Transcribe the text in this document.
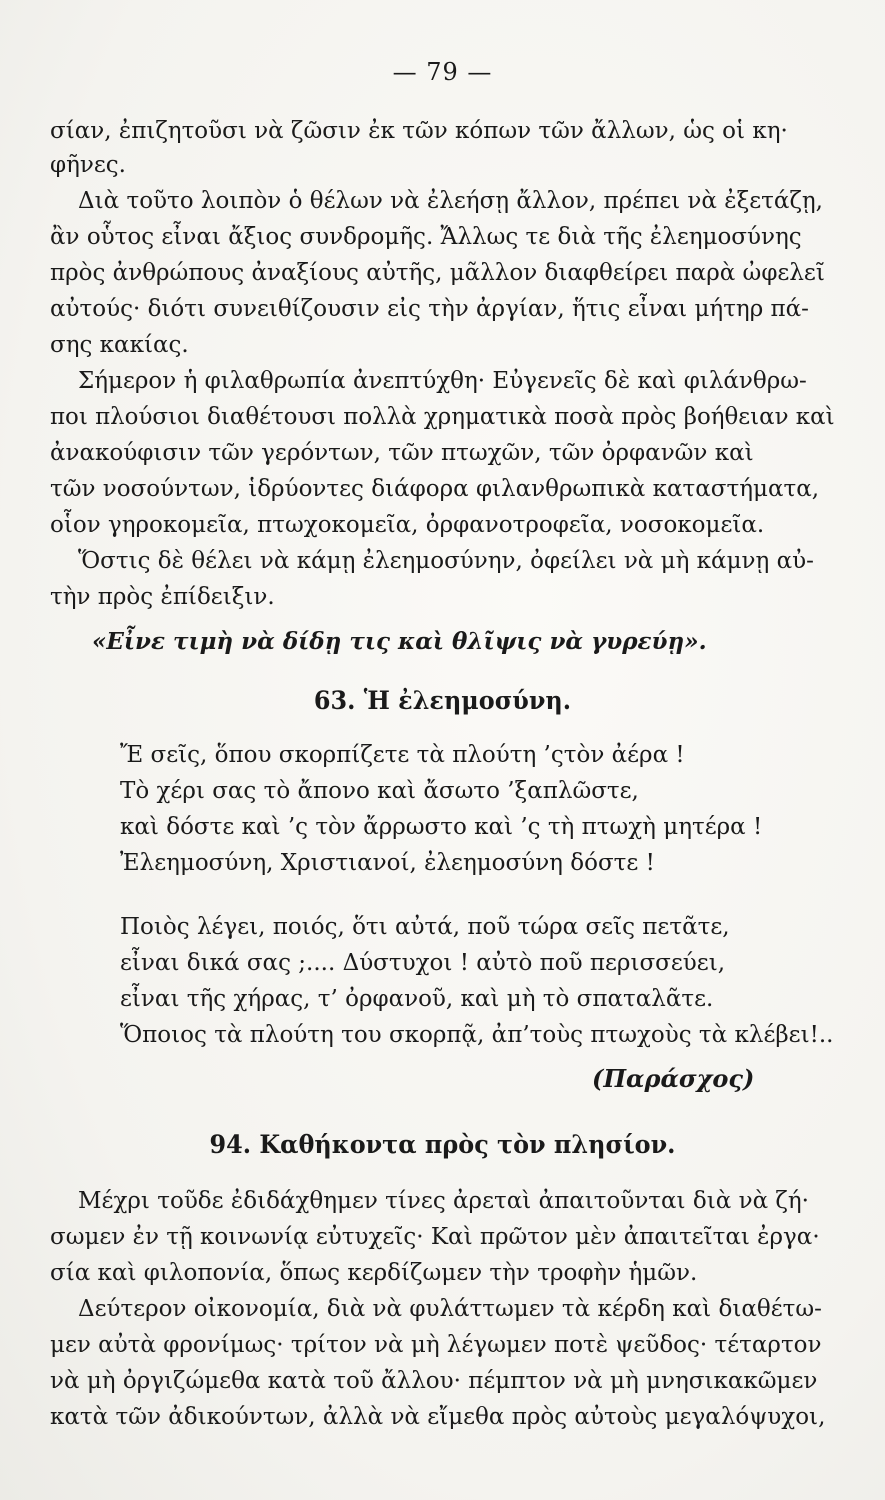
— 79 —
σίαν, ἐπιζητοῦσι νὰ ζῶσιν ἐκ τῶν κόπων τῶν ἄλλων, ὡς οἱ κη·
φῆνες.
Διὰ τοῦτο λοιπὸν ὁ θέλων νὰ ἐλεήσῃ ἄλλον, πρέπει νὰ ἐξετάζῃ,
ἂν οὗτος εἶναι ἄξιος συνδρομῆς. Ἄλλως τε διὰ τῆς ἐλεημοσύνης
πρὸς ἀνθρώπους ἀναξίους αὐτῆς, μᾶλλον διαφθείρει παρὰ ὠφελεῖ
αὐτούς· διότι συνειθίζουσιν εἰς τὴν ἀργίαν, ἥτις εἶναι μήτηρ πά-
σης κακίας.
Σήμερον ἡ φιλαθρωπία ἀνεπτύχθη· Εὐγενεῖς δὲ καὶ φιλάνθρω-
ποι πλούσιοι διαθέτουσι πολλὰ χρηματικὰ ποσὰ πρὸς βοήθειαν καὶ
ἀνακούφισιν τῶν γερόντων, τῶν πτωχῶν, τῶν ὀρφανῶν καὶ
τῶν νοσούντων, ἱδρύοντες διάφορα φιλανθρωπικὰ καταστήματα,
οἷον γηροκομεῖα, πτωχοκομεῖα, ὀρφανοτροφεῖα, νοσοκομεῖα.
Ὅστις δὲ θέλει νὰ κάμῃ ἐλεημοσύνην, ὀφείλει νὰ μὴ κάμνῃ αὐ-
τὴν πρὸς ἐπίδειξιν.
«Εἶνε τιμὴ νὰ δίδῃ τις καὶ θλῖψις νὰ γυρεύῃ».
63. Ἡ ἐλεημοσύνη.
Ἔ σεῖς, ὅπου σκορπίζετε τὰ πλούτη ’ςτὸν ἀέρα !
Τὸ χέρι σας τὸ ἄπονο καὶ ἄσωτο ’ξαπλῶστε,
καὶ δόστε καὶ ’ς τὸν ἄρρωστο καὶ ’ς τὴ πτωχὴ μητέρα !
Ἐλεημοσύνη, Χριστιανοί, ἐλεημοσύνη δόστε !
Ποιὸς λέγει, ποιός, ὅτι αὐτά, ποῦ τώρα σεῖς πετᾶτε,
εἶναι δικά σας ;.... Δύστυχοι ! αὐτὸ ποῦ περισσεύει,
εἶναι τῆς χήρας, τ’ ὀρφανοῦ, καὶ μὴ τὸ σπαταλᾶτε.
Ὅποιος τὰ πλούτη του σκορπᾷ, ἀπ’τοὺς πτωχοὺς τὰ κλέβει!..
(Παράσχος)
94. Καθήκοντα πρὸς τὸν πλησίον.
Μέχρι τοῦδε ἐδιδάχθημεν τίνες ἀρεταὶ ἀπαιτοῦνται διὰ νὰ ζή·
σωμεν ἐν τῇ κοινωνίᾳ εὐτυχεῖς· Καὶ πρῶτον μὲν ἀπαιτεῖται ἐργα·
σία καὶ φιλοπονία, ὅπως κερδίζωμεν τὴν τροφὴν ἡμῶν.
Δεύτερον οἰκονομία, διὰ νὰ φυλάττωμεν τὰ κέρδη καὶ διαθέτω-
μεν αὐτὰ φρονίμως· τρίτον νὰ μὴ λέγωμεν ποτὲ ψεῦδος· τέταρτον
νὰ μὴ ὀργιζώμεθα κατὰ τοῦ ἄλλου· πέμπτον νὰ μὴ μνησικακῶμεν
κατὰ τῶν ἀδικούντων, ἀλλὰ νὰ εἴμεθα πρὸς αὐτοὺς μεγαλόψυχοι,
